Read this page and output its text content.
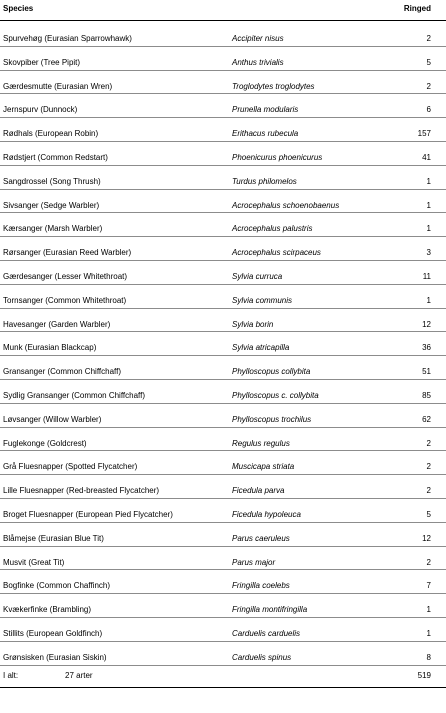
Species	Ringed
Spurvehøg (Eurasian Sparrowhawk)	Accipiter nisus	2
Skovpiber (Tree Pipit)	Anthus trivialis	5
Gærdesmutte (Eurasian Wren)	Troglodytes troglodytes	2
Jernspurv (Dunnock)	Prunella modularis	6
Rødhals (European Robin)	Erithacus rubecula	157
Rødstjert (Common Redstart)	Phoenicurus phoenicurus	41
Sangdrossel (Song Thrush)	Turdus philomelos	1
Sivsanger (Sedge Warbler)	Acrocephalus schoenobaenus	1
Kærsanger (Marsh Warbler)	Acrocephalus palustris	1
Rørsanger (Eurasian Reed Warbler)	Acrocephalus scirpaceus	3
Gærdesanger (Lesser Whitethroat)	Sylvia curruca	11
Tornsanger (Common Whitethroat)	Sylvia communis	1
Havesanger (Garden Warbler)	Sylvia borin	12
Munk (Eurasian Blackcap)	Sylvia atricapilla	36
Gransanger (Common Chiffchaff)	Phylloscopus collybita	51
Sydlig Gransanger (Common Chiffchaff)	Phylloscopus c. collybita	85
Løvsanger (Willow Warbler)	Phylloscopus trochilus	62
Fuglekonge (Goldcrest)	Regulus regulus	2
Grå Fluesnapper (Spotted Flycatcher)	Muscicapa striata	2
Lille Fluesnapper (Red-breasted Flycatcher)	Ficedula parva	2
Broget Fluesnapper (European Pied Flycatcher)	Ficedula hypoleuca	5
Blåmejse (Eurasian Blue Tit)	Parus caeruleus	12
Musvit (Great Tit)	Parus major	2
Bogfinke (Common Chaffinch)	Fringilla coelebs	7
Kvækerfinke (Brambling)	Fringilla montifringilla	1
Stillits (European Goldfinch)	Carduelis carduelis	1
Grønsisken (Eurasian Siskin)	Carduelis spinus	8
I alt:	27 arter	519
